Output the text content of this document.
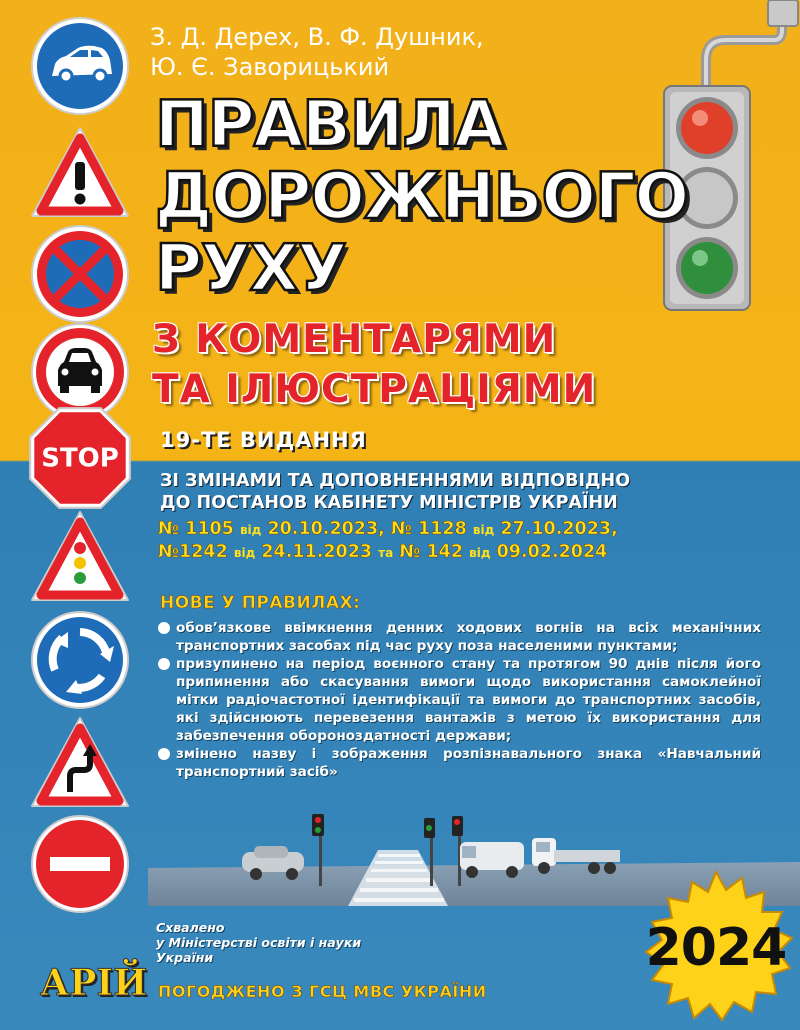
STOP
З. Д. Дерех, В. Ф. Душник,
Ю. Є. Заворицький
ПРАВИЛА
ДОРОЖНЬОГО
РУХУ
З КОМЕНТАРЯМИ
ТА ІЛЮСТРАЦІЯМИ
19-ТЕ ВИДАННЯ
ЗІ ЗМІНАМИ ТА ДОПОВНЕННЯМИ ВІДПОВІДНО
ДО ПОСТАНОВ КАБІНЕТУ МІНІСТРІВ УКРАЇНИ
№ 1105 від 20.10.2023, № 1128 від 27.10.2023,
№1242 від 24.11.2023 та № 142 від 09.02.2024
НОВЕ У ПРАВИЛАХ:
обов’язкове ввімкнення денних ходових вогнів на всіх механічних транспортних засобах під час руху поза населеними пунктами;
призупинено на період воєнного стану та протягом 90 днів після його припинення або скасування вимоги щодо використання самоклейної мітки радіочастотної ідентифікації та вимоги до транспортних засобів, які здійснюють перевезення вантажів з метою їх використання для забезпечення обороноздатності держави;
змінено назву і зображення розпізнавального знака «Навчальний транспортний засіб»
Схвалено
у Міністерстві освіти і науки
України
ПОГОДЖЕНО З ГСЦ МВС УКРАЇНИ
АРІЙ
2024
